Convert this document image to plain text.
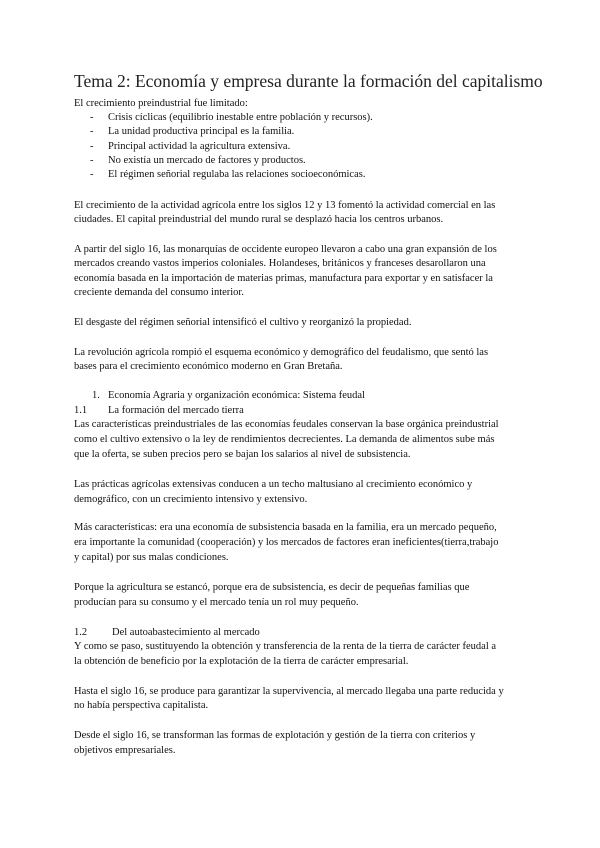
Tema 2: Economía y empresa durante la formación del capitalismo
El crecimiento preindustrial fue limitado:
- Crisis cíclicas (equilibrio inestable entre población y recursos).
- La unidad productiva principal es la familia.
- Principal actividad la agricultura extensiva.
- No existía un mercado de factores y productos.
- El régimen señorial regulaba las relaciones socioeconómicas.
El crecimiento de la actividad agrícola entre los siglos 12 y 13 fomentó la actividad comercial en las
ciudades. El capital preindustrial del mundo rural se desplazó hacia los centros urbanos.
A partir del siglo 16, las monarquías de occidente europeo llevaron a cabo una gran expansión de los
mercados creando vastos imperios coloniales. Holandeses, británicos y franceses desarollaron una
economía basada en la importación de materias primas, manufactura para exportar y en satisfacer la
creciente demanda del consumo interior.
El desgaste del régimen señorial intensificó el cultivo y reorganizó la propiedad.
La revolución agrícola rompió el esquema económico y demográfico del feudalismo, que sentó las
bases para el crecimiento económico moderno en Gran Bretaña.
1. Economía Agraria y organización económica: Sistema feudal
1.1 La formación del mercado tierra
Las características preindustriales de las economías feudales conservan la base orgánica preindustrial
como el cultivo extensivo o la ley de rendimientos decrecientes. La demanda de alimentos sube más
que la oferta, se suben precios pero se bajan los salarios al nivel de subsistencia.
Las prácticas agrícolas extensivas conducen a un techo maltusiano al crecimiento económico y
demográfico, con un crecimiento intensivo y extensivo.
Más características: era una economía de subsistencia basada en la familia, era un mercado pequeño,
era importante la comunidad (cooperación) y los mercados de factores eran ineficientes(tierra,trabajo
y capital) por sus malas condiciones.
Porque la agricultura se estancó, porque era de subsistencia, es decir de pequeñas familias que
producían para su consumo y el mercado tenía un rol muy pequeño.
1.2 Del autoabastecimiento al mercado
Y como se paso, sustituyendo la obtención y transferencia de la renta de la tierra de carácter feudal a
la obtención de beneficio por la explotación de la tierra de carácter empresarial.
Hasta el siglo 16, se produce para garantizar la supervivencia, al mercado llegaba una parte reducida y
no había perspectiva capitalista.
Desde el siglo 16, se transforman las formas de explotación y gestión de la tierra con criterios y
objetivos empresariales.
